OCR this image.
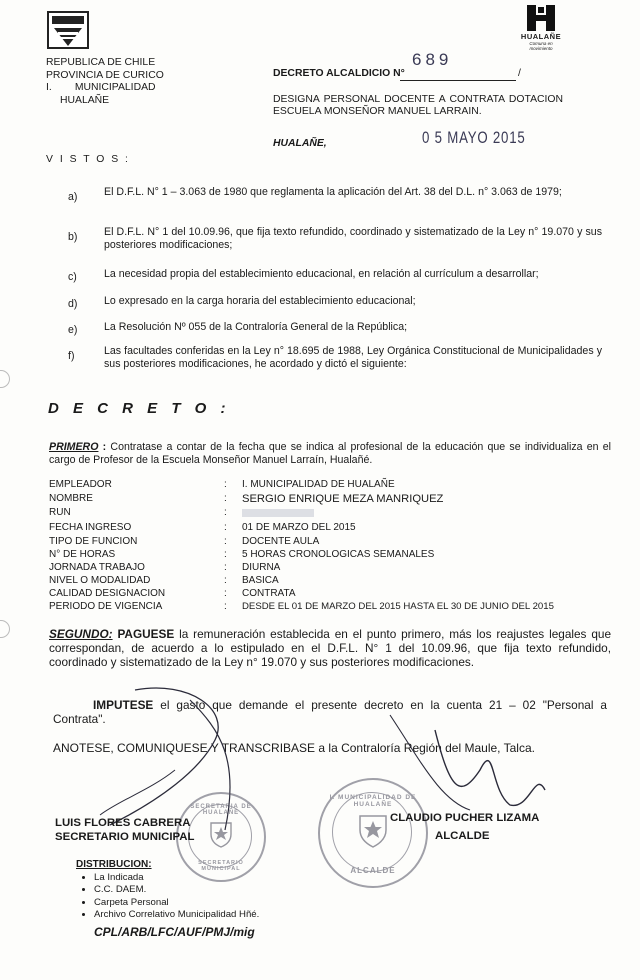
REPUBLICA DE CHILE
PROVINCIA DE CURICO
I.        MUNICIPALIDAD
HUALAÑE
HUALAÑE
Comuna en movimiento
DECRETO ALCALDICIO N°
689
/
DESIGNA PERSONAL DOCENTE A CONTRATA DOTACION ESCUELA MONSEÑOR MANUEL LARRAIN.
HUALAÑE,	0 5 MAYO 2015
V I S T O S :
a)	El D.F.L. N° 1 – 3.063 de 1980 que reglamenta la aplicación del Art. 38 del D.L. n° 3.063 de 1979;
b)	El D.F.L. N° 1 del 10.09.96, que fija texto refundido, coordinado y sistematizado de la Ley n° 19.070 y sus posteriores modificaciones;
c)	La necesidad propia del establecimiento educacional, en relación al currículum a desarrollar;
d)	Lo expresado en la carga horaria del establecimiento educacional;
e)	La Resolución Nº 055 de la Contraloría General de la República;
f)	Las facultades conferidas en la Ley n° 18.695 de 1988, Ley Orgánica Constitucional de Municipalidades y sus posteriores modificaciones, he acordado y dictó el siguiente:
D E C R E T O :
PRIMERO : Contratase a contar de la fecha que se indica al profesional de la educación que se individualiza en el cargo de Profesor de la Escuela Monseñor Manuel Larraín, Hualañé.
EMPLEADOR	: I. MUNICIPALIDAD DE HUALAÑE
NOMBRE	: SERGIO ENRIQUE MEZA MANRIQUEZ
RUN	:
FECHA INGRESO	: 01 DE MARZO DEL 2015
TIPO DE FUNCION	: DOCENTE AULA
N° DE HORAS	: 5 HORAS CRONOLOGICAS SEMANALES
JORNADA TRABAJO	: DIURNA
NIVEL O MODALIDAD	: BASICA
CALIDAD DESIGNACION	: CONTRATA
PERIODO DE VIGENCIA	: DESDE EL 01 DE MARZO DEL 2015 HASTA EL 30 DE JUNIO DEL 2015
SEGUNDO: PAGUESE la remuneración establecida en el punto primero, más los reajustes legales que correspondan, de acuerdo a lo estipulado en el D.F.L. N° 1 del 10.09.96, que fija texto refundido, coordinado y sistematizado de la Ley n° 19.070 y sus posteriores modificaciones.
IMPUTESE el gasto que demande el presente decreto en la cuenta 21 – 02 "Personal a Contrata".
ANOTESE, COMUNIQUESE Y TRANSCRIBASE a la Contraloría Región del Maule, Talca.
SECRETARIA DE HUALAÑE
SECRETARIO MUNICIPAL
I. MUNICIPALIDAD DE HUALAÑE
ALCALDE
LUIS FLORES CABRERA
SECRETARIO MUNICIPAL
CLAUDIO PUCHER LIZAMA
ALCALDE
DISTRIBUCION:
• La Indicada
• C.C. DAEM.
• Carpeta Personal
• Archivo Correlativo Municipalidad Hñé.
CPL/ARB/LFC/AUF/PMJ/mig
